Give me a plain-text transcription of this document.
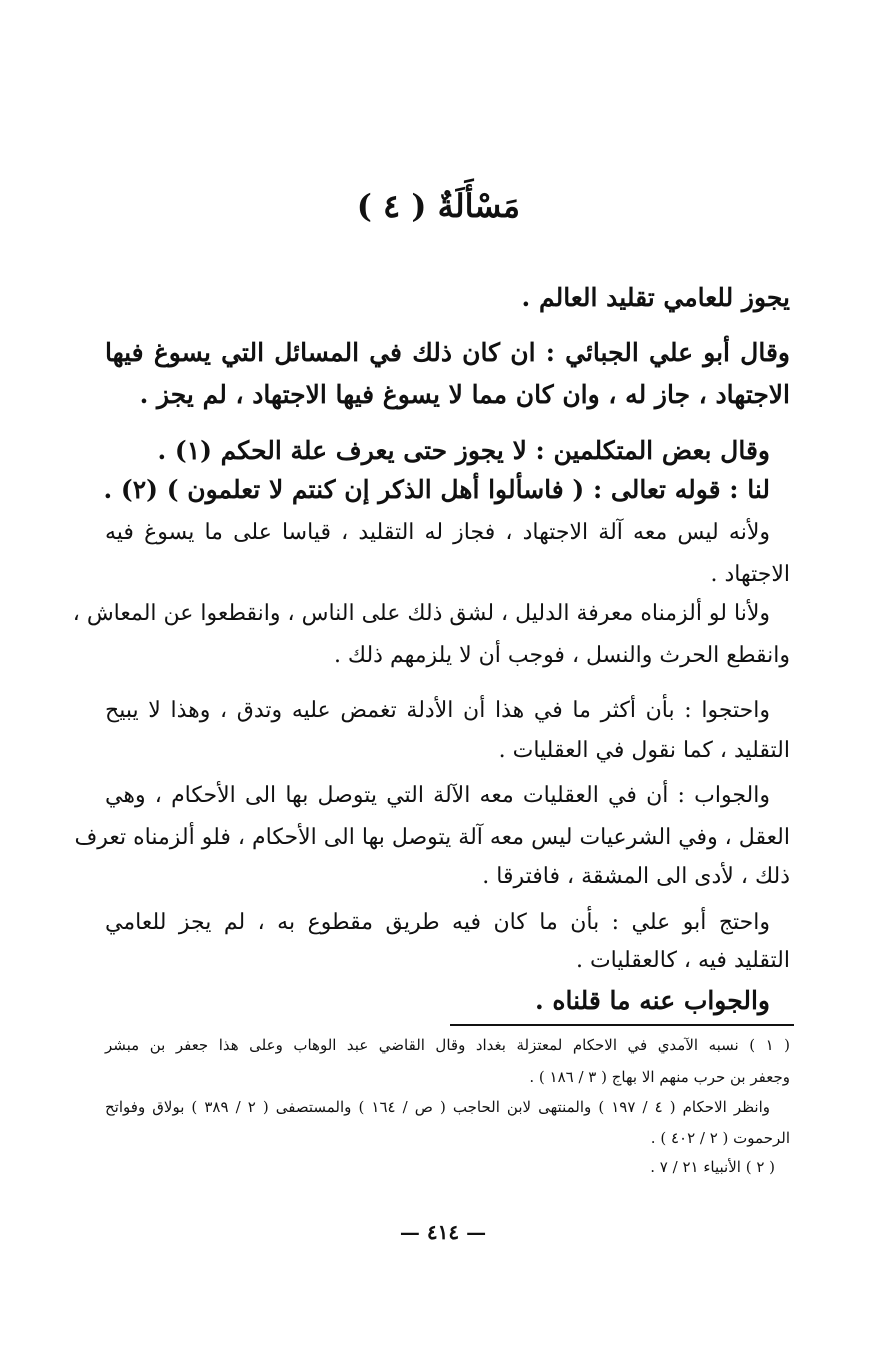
مَسْأَلَةٌ ( ٤ )
يجوز للعامي تقليد العالم .
وقال أبو علي الجبائي : ان كان ذلك في المسائل التي يسوغ فيها
الاجتهاد ، جاز له ، وان كان مما لا يسوغ فيها الاجتهاد ، لم يجز .
وقال بعض المتكلمين : لا يجوز حتى يعرف علة الحكم (١) .
لنا : قوله تعالى : ( فاسألوا أهل الذكر إن كنتم لا تعلمون ) (٢) .
ولأنه ليس معه آلة الاجتهاد ، فجاز له التقليد ، قياسا على ما يسوغ فيه
الاجتهاد .
ولأنا لو ألزمناه معرفة الدليل ، لشق ذلك على الناس ، وانقطعوا عن المعاش ،
وانقطع الحرث والنسل ، فوجب أن لا يلزمهم ذلك .
واحتجوا : بأن أكثر ما في هذا أن الأدلة تغمض عليه وتدق ، وهذا لا يبيح
التقليد ، كما نقول في العقليات .
والجواب : أن في العقليات معه الآلة التي يتوصل بها الى الأحكام ، وهي
العقل ، وفي الشرعيات ليس معه آلة يتوصل بها الى الأحكام ، فلو ألزمناه تعرف
ذلك ، لأدى الى المشقة ، فافترقا .
واحتج أبو علي : بأن ما كان فيه طريق مقطوع به ، لم يجز للعامي
التقليد فيه ، كالعقليات .
والجواب عنه ما قلناه .
( ١ ) نسبه الآمدي في الاحكام لمعتزلة بغداد وقال القاضي عبد الوهاب وعلى هذا جعفر بن مبشر
وجعفر بن حرب منهم الا بهاج ( ٣ / ١٨٦ ) .
وانظر الاحكام ( ٤ / ١٩٧ ) والمنتهى لابن الحاجب ( ص / ١٦٤ ) والمستصفى ( ٢ / ٣٨٩ ) بولاق وفواتح
الرحموت ( ٢ / ٤٠٢ ) .
( ٢ ) الأنبياء ٢١ / ٧ .
— ٤١٤ —
